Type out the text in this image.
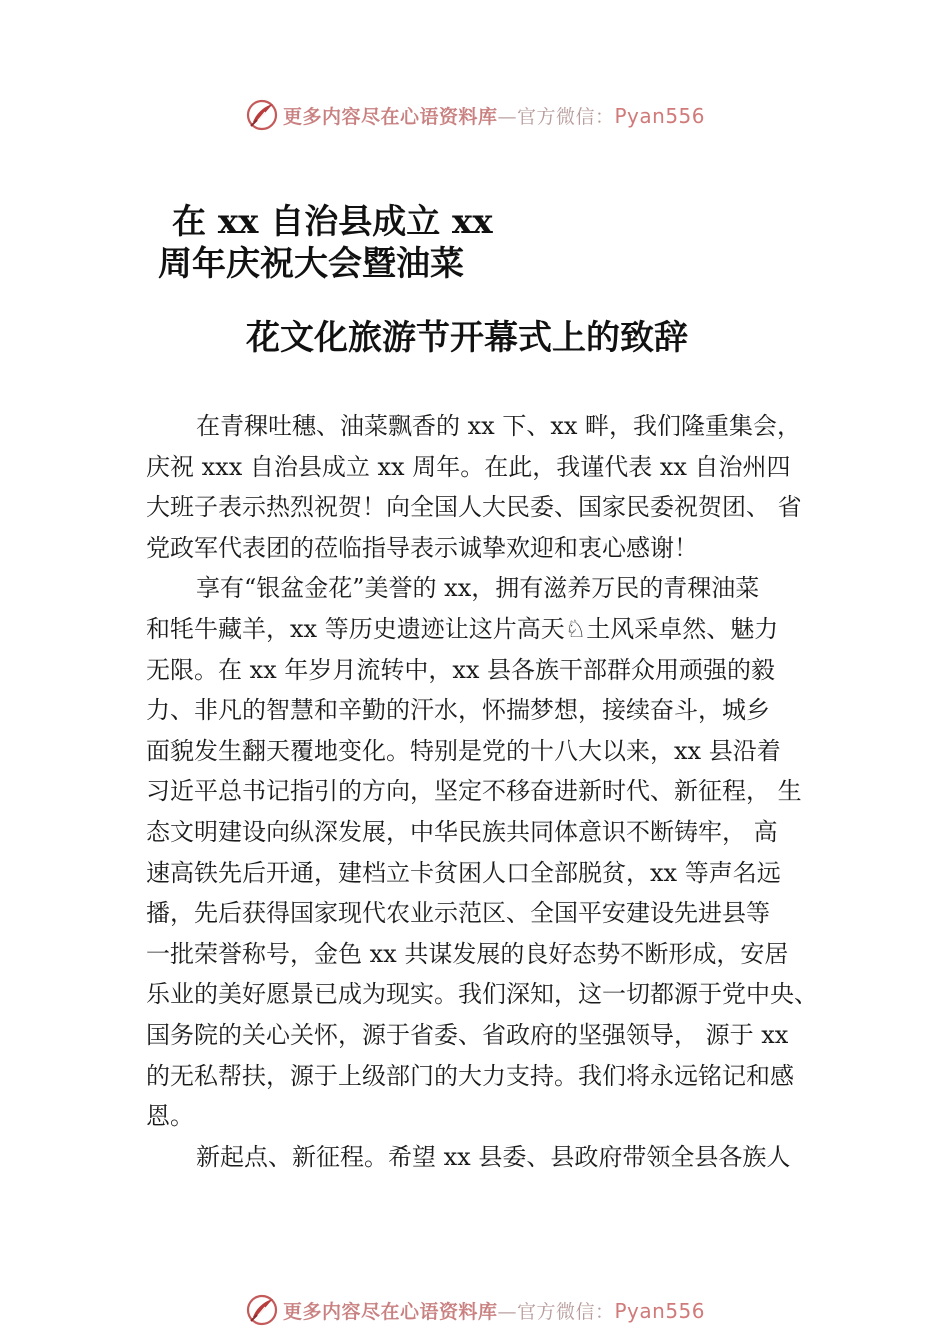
更多内容尽在心语资料库—官方微信：Pyan556
在 xx 自治县成立 xx
周年庆祝大会暨油菜
花文化旅游节开幕式上的致辞
在青稞吐穗、油菜飘香的 xx 下、xx 畔，我们隆重集会，
庆祝 xxx 自治县成立 xx 周年。在此，我谨代表 xx 自治州四
大班子表示热烈祝贺！向全国人大民委、国家民委祝贺团、 省
党政军代表团的莅临指导表示诚挚欢迎和衷心感谢！
享有“银盆金花”美誉的 xx，拥有滋养万民的青稞油菜
和牦牛藏羊，xx 等历史遗迹让这片高天♘土风采卓然、魅力
无限。在 xx 年岁月流转中，xx 县各族干部群众用顽强的毅
力、非凡的智慧和辛勤的汗水，怀揣梦想，接续奋斗，城乡
面貌发生翻天覆地变化。特别是党的十八大以来，xx 县沿着
习近平总书记指引的方向，坚定不移奋进新时代、新征程， 生
态文明建设向纵深发展，中华民族共同体意识不断铸牢， 高
速高铁先后开通，建档立卡贫困人口全部脱贫，xx 等声名远
播，先后获得国家现代农业示范区、全国平安建设先进县等
一批荣誉称号，金色 xx 共谋发展的良好态势不断形成，安居
乐业的美好愿景已成为现实。我们深知，这一切都源于党中央、
国务院的关心关怀，源于省委、省政府的坚强领导， 源于 xx
的无私帮扶，源于上级部门的大力支持。我们将永远铭记和感
恩。
新起点、新征程。希望 xx 县委、县政府带领全县各族人
更多内容尽在心语资料库—官方微信：Pyan556
